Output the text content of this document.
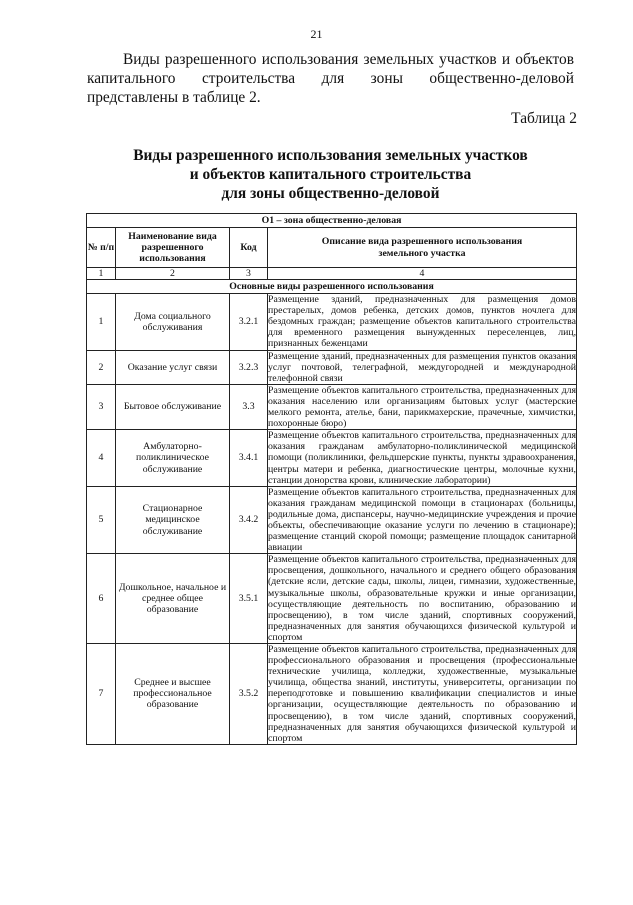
21
Виды разрешенного использования земельных участков и объектов капитального строительства для зоны общественно-деловой представлены в таблице 2.
Таблица 2
Виды разрешенного использования земельных участков
и объектов капитального строительства
для зоны общественно-деловой
О1 – зона общественно-деловая			
№ п/п	Наименование вида разрешенного использования	Код	Описание вида разрешенного использования земельного участка
1	2	3	4
Основные виды разрешенного использования			
1	Дома социального обслуживания	3.2.1	Размещение зданий, предназначенных для размещения домов престарелых, домов ребенка, детских домов, пунктов ночлега для бездомных граждан; размещение объектов капитального строительства для временного размещения вынужденных переселенцев, лиц, признанных беженцами
2	Оказание услуг связи	3.2.3	Размещение зданий, предназначенных для размещения пунктов оказания услуг почтовой, телеграфной, междугородней и международной телефонной связи
3	Бытовое обслуживание	3.3	Размещение объектов капитального строительства, предназначенных для оказания населению или организациям бытовых услуг (мастерские мелкого ремонта, ателье, бани, парикмахерские, прачечные, химчистки, похоронные бюро)
4	Амбулаторно-поликлиническое обслуживание	3.4.1	Размещение объектов капитального строительства, предназначенных для оказания гражданам амбулаторно-поликлинической медицинской помощи (поликлиники, фельдшерские пункты, пункты здравоохранения, центры матери и ребенка, диагностические центры, молочные кухни, станции донорства крови, клинические лаборатории)
5	Стационарное медицинское обслуживание	3.4.2	Размещение объектов капитального строительства, предназначенных для оказания гражданам медицинской помощи в стационарах (больницы, родильные дома, диспансеры, научно-медицинские учреждения и прочие объекты, обеспечивающие оказание услуги по лечению в стационаре); размещение станций скорой помощи; размещение площадок санитарной авиации
6	Дошкольное, начальное и среднее общее образование	3.5.1	Размещение объектов капитального строительства, предназначенных для просвещения, дошкольного, начального и среднего общего образования (детские ясли, детские сады, школы, лицеи, гимназии, художественные, музыкальные школы, образовательные кружки и иные организации, осуществляющие деятельность по воспитанию, образованию и просвещению), в том числе зданий, спортивных сооружений, предназначенных для занятия обучающихся физической культурой и спортом
7	Среднее и высшее профессиональное образование	3.5.2	Размещение объектов капитального строительства, предназначенных для профессионального образования и просвещения (профессиональные технические училища, колледжи, художественные, музыкальные училища, общества знаний, институты, университеты, организации по переподготовке и повышению квалификации специалистов и иные организации, осуществляющие деятельность по образованию и просвещению), в том числе зданий, спортивных сооружений, предназначенных для занятия обучающихся физической культурой и спортом
